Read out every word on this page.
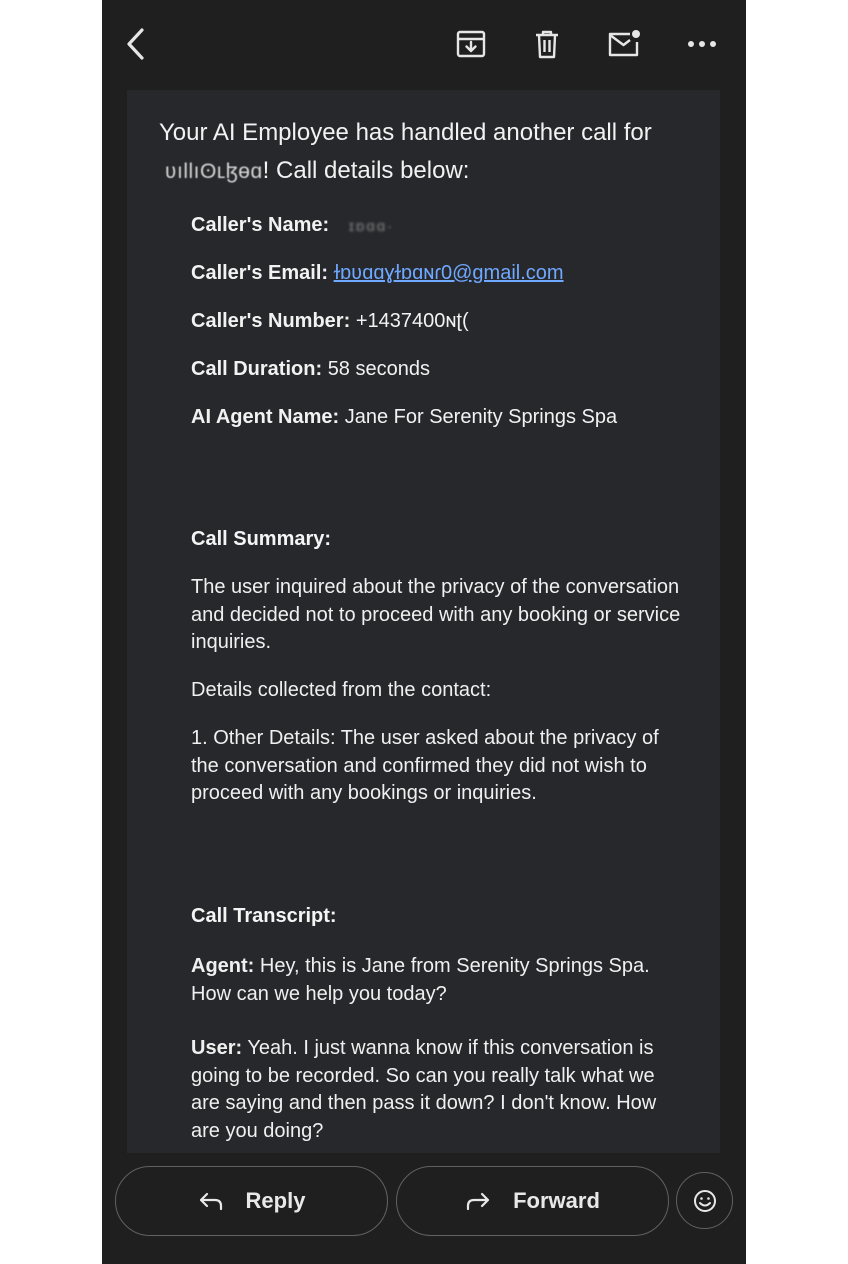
Your AI Employee has handled another call for
ʋıllıʘʟɮɵɑ! Call details below:
Caller's Name: ɪɒɑɑ·
Caller's Email: ɫɒʋɑɑɣɫɒɑɴɾ0@gmail.com
Caller's Number: +1437400ɴʈ(
Call Duration: 58 seconds
AI Agent Name: Jane For Serenity Springs Spa
Call Summary:
The user inquired about the privacy of the conversation and decided not to proceed with any booking or service inquiries.
Details collected from the contact:
1. Other Details: The user asked about the privacy of the conversation and confirmed they did not wish to proceed with any bookings or inquiries.
Call Transcript:
Agent: Hey, this is Jane from Serenity Springs Spa. How can we help you today?
User: Yeah. I just wanna know if this conversation is going to be recorded. So can you really talk what we are saying and then pass it down? I don't know. How are you doing?
Reply	Forward
